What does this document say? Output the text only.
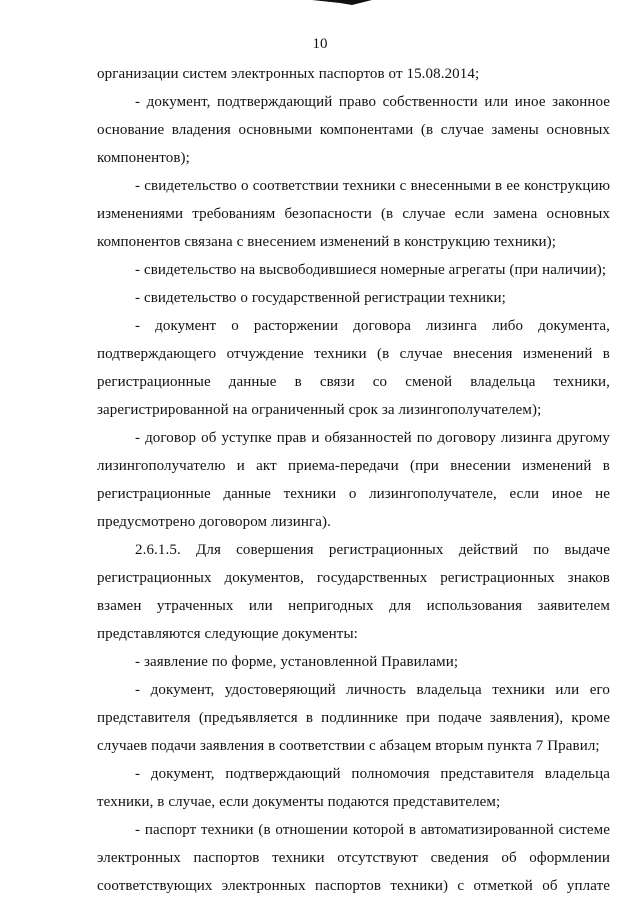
10

организации систем электронных паспортов от 15.08.2014;

- документ, подтверждающий право собственности или иное законное основание владения основными компонентами (в случае замены основных компонентов);

- свидетельство о соответствии техники с внесенными в ее конструкцию изменениями требованиям безопасности (в случае если замена основных компонентов связана с внесением изменений в конструкцию техники);

- свидетельство на высвободившиеся номерные агрегаты (при наличии);

- свидетельство о государственной регистрации техники;

- документ о расторжении договора лизинга либо документа, подтверждающего отчуждение техники (в случае внесения изменений в регистрационные данные в связи со сменой владельца техники, зарегистрированной на ограниченный срок за лизингополучателем);

- договор об уступке прав и обязанностей по договору лизинга другому лизингополучателю и акт приема-передачи (при внесении изменений в регистрационные данные техники о лизингополучателе, если иное не предусмотрено договором лизинга).

2.6.1.5. Для совершения регистрационных действий по выдаче регистрационных документов, государственных регистрационных знаков взамен утраченных или непригодных для использования заявителем представляются следующие документы:

- заявление по форме, установленной Правилами;

- документ, удостоверяющий личность владельца техники или его представителя (предъявляется в подлиннике при подаче заявления), кроме случаев подачи заявления в соответствии с абзацем вторым пункта 7 Правил;

- документ, подтверждающий полномочия представителя владельца техники, в случае, если документы подаются представителем;

- паспорт техники (в отношении которой в автоматизированной системе электронных паспортов техники отсутствуют сведения об оформлении соответствующих электронных паспортов техники) с отметкой об уплате
